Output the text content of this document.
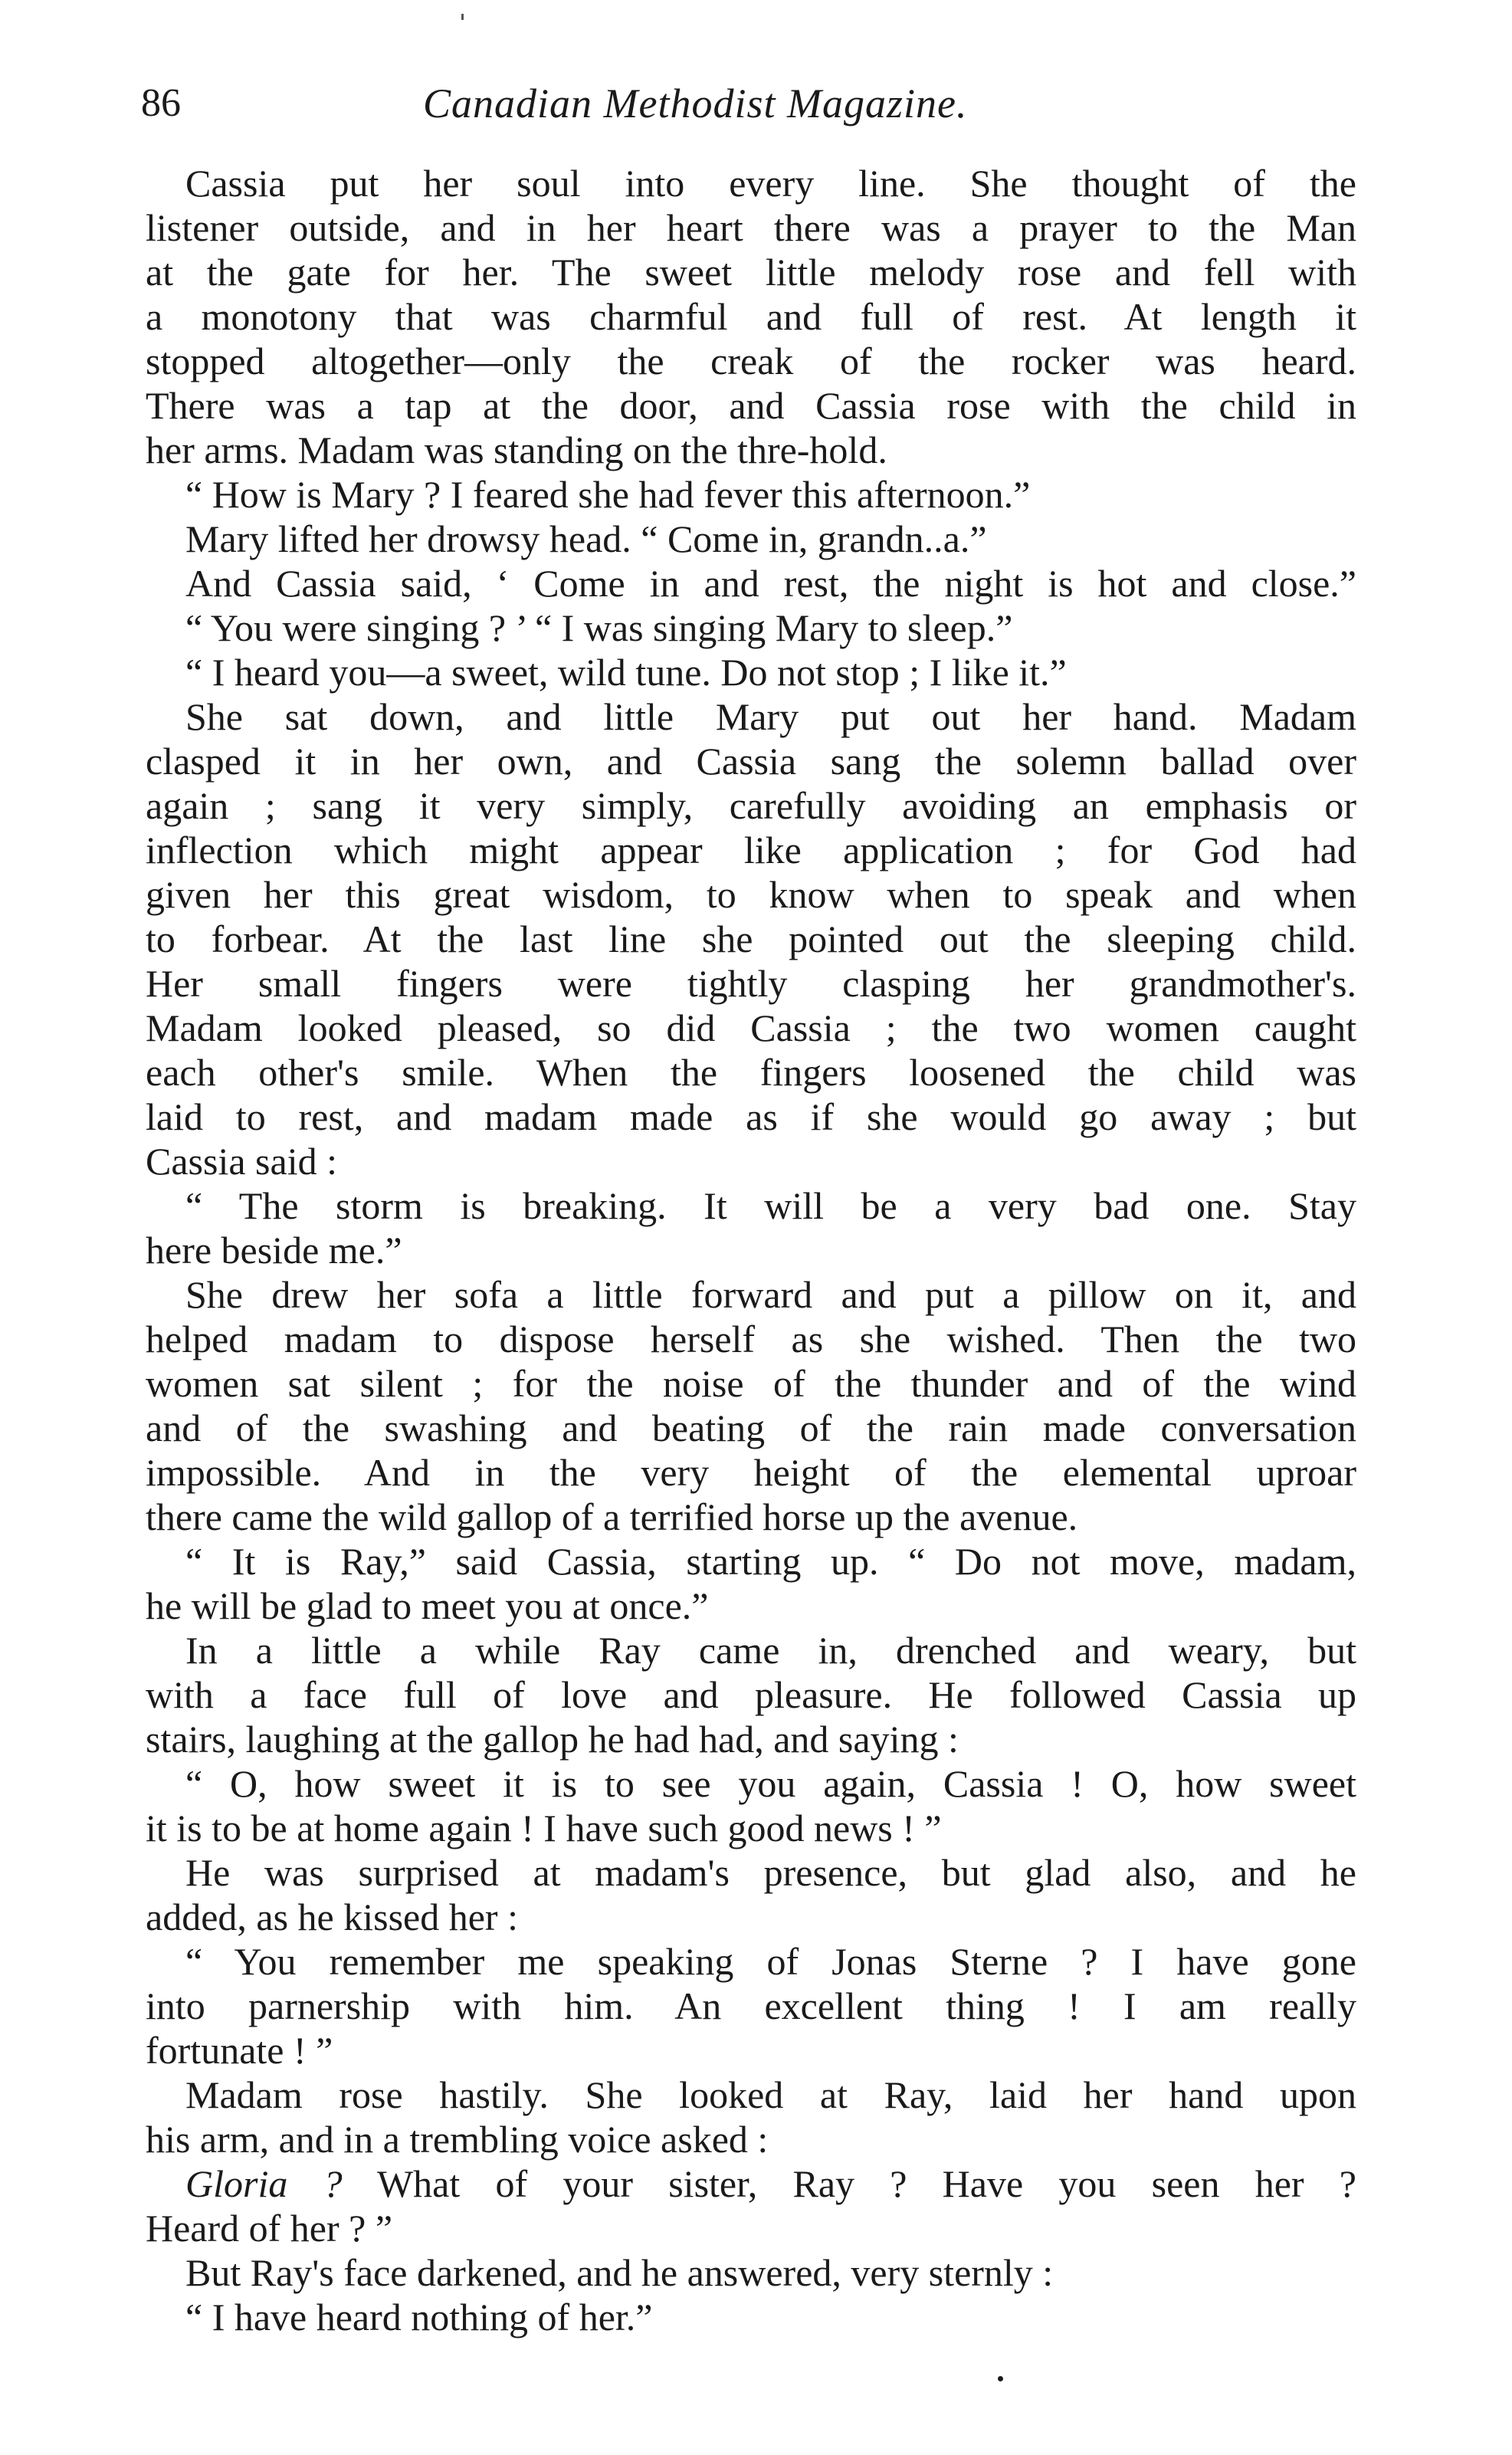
86	Canadian Methodist Magazine.
Cassia put her soul into every line. She thought of the
listener outside, and in her heart there was a prayer to the Man
at the gate for her. The sweet little melody rose and fell with
a monotony that was charmful and full of rest. At length it
stopped altogether—only the creak of the rocker was heard.
There was a tap at the door, and Cassia rose with the child in
her arms. Madam was standing on the thre-hold.
“ How is Mary ? I feared she had fever this afternoon.”
Mary lifted her drowsy head. “ Come in, grandn..a.”
And Cassia said, ‘ Come in and rest, the night is hot and close.”
“ You were singing ? ’ “ I was singing Mary to sleep.”
“ I heard you—a sweet, wild tune. Do not stop ; I like it.”
She sat down, and little Mary put out her hand. Madam
clasped it in her own, and Cassia sang the solemn ballad over
again ; sang it very simply, carefully avoiding an emphasis or
inflection which might appear like application ; for God had
given her this great wisdom, to know when to speak and when
to forbear. At the last line she pointed out the sleeping child.
Her small fingers were tightly clasping her grandmother's.
Madam looked pleased, so did Cassia ; the two women caught
each other's smile. When the fingers loosened the child was
laid to rest, and madam made as if she would go away ; but
Cassia said :
“ The storm is breaking. It will be a very bad one. Stay
here beside me.”
She drew her sofa a little forward and put a pillow on it, and
helped madam to dispose herself as she wished. Then the two
women sat silent ; for the noise of the thunder and of the wind
and of the swashing and beating of the rain made conversation
impossible. And in the very height of the elemental uproar
there came the wild gallop of a terrified horse up the avenue.
“ It is Ray,” said Cassia, starting up. “ Do not move, madam,
he will be glad to meet you at once.”
In a little a while Ray came in, drenched and weary, but
with a face full of love and pleasure. He followed Cassia up
stairs, laughing at the gallop he had had, and saying :
“ O, how sweet it is to see you again, Cassia ! O, how sweet
it is to be at home again ! I have such good news ! ”
He was surprised at madam's presence, but glad also, and he
added, as he kissed her :
“ You remember me speaking of Jonas Sterne ? I have gone
into parnership with him. An excellent thing ! I am really
fortunate ! ”
Madam rose hastily. She looked at Ray, laid her hand upon
his arm, and in a trembling voice asked :
Gloria ? What of your sister, Ray ? Have you seen her ?
Heard of her ? ”
But Ray's face darkened, and he answered, very sternly :
“ I have heard nothing of her.”
